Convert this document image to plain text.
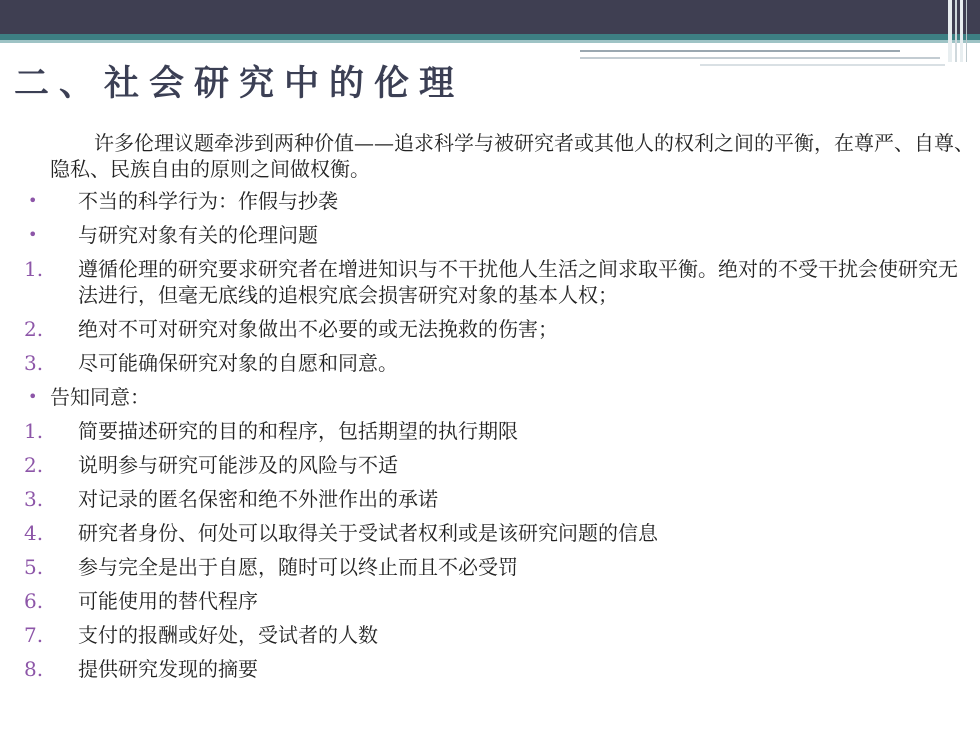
二、社会研究中的伦理

许多伦理议题牵涉到两种价值——追求科学与被研究者或其他人的权利之间的平衡，在尊严、自尊、隐私、民族自由的原则之间做权衡。

•	不当的科学行为：作假与抄袭
•	与研究对象有关的伦理问题
1.	遵循伦理的研究要求研究者在增进知识与不干扰他人生活之间求取平衡。绝对的不受干扰会使研究无法进行，但毫无底线的追根究底会损害研究对象的基本人权；
2.	绝对不可对研究对象做出不必要的或无法挽救的伤害；
3.	尽可能确保研究对象的自愿和同意。
• 告知同意：
1.	简要描述研究的目的和程序，包括期望的执行期限
2.	说明参与研究可能涉及的风险与不适
3.	对记录的匿名保密和绝不外泄作出的承诺
4.	研究者身份、何处可以取得关于受试者权利或是该研究问题的信息
5.	参与完全是出于自愿，随时可以终止而且不必受罚
6.	可能使用的替代程序
7.	支付的报酬或好处，受试者的人数
8.	提供研究发现的摘要
